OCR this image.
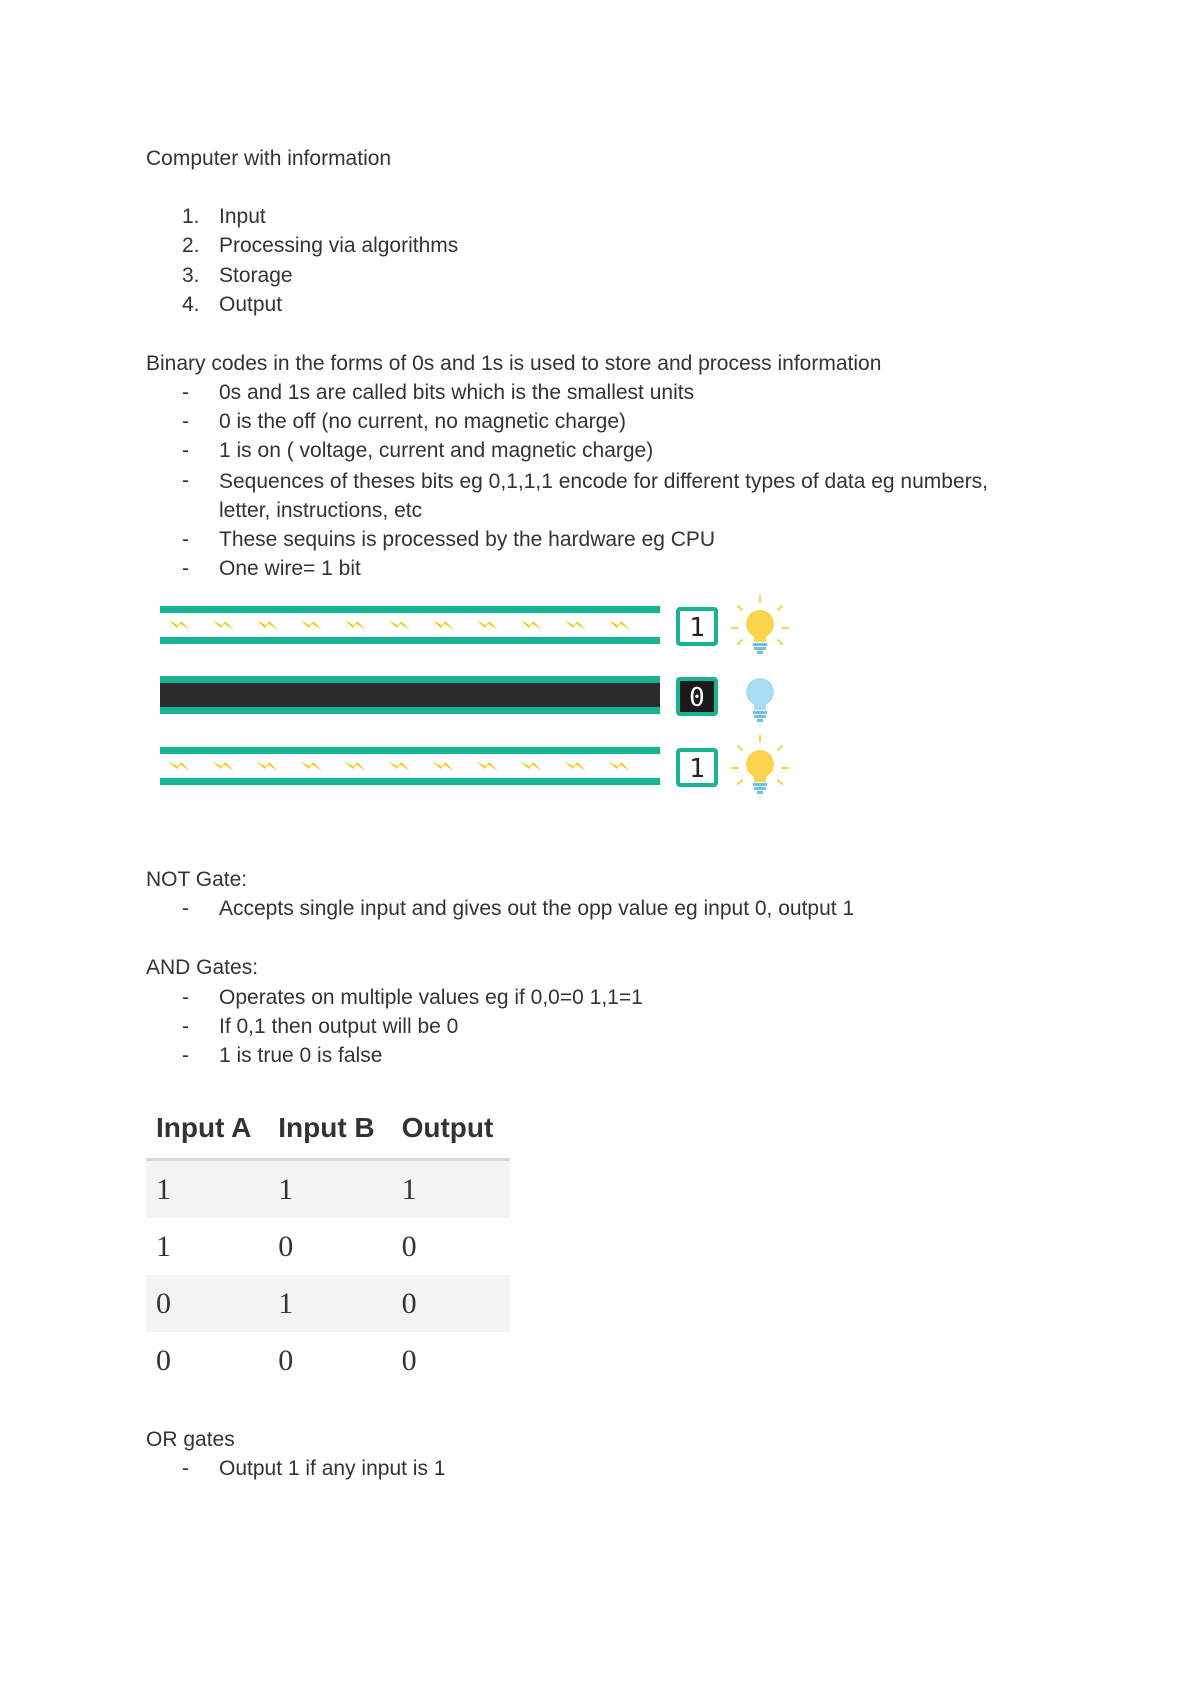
Computer with information
1. Input
2. Processing via algorithms
3. Storage
4. Output
Binary codes in the forms of 0s and 1s is used to store and process information
-	0s and 1s are called bits which is the smallest units
-	0 is the off (no current, no magnetic charge)
-	1 is on ( voltage, current and magnetic charge)
-	Sequences of theses bits eg 0,1,1,1 encode for different types of data eg numbers, letter, instructions, etc
-	These sequins is processed by the hardware eg CPU
-	One wire= 1 bit
1
0
1
NOT Gate:
-	Accepts single input and gives out the opp value eg input 0, output 1
AND Gates:
-	Operates on multiple values eg if 0,0=0 1,1=1
-	If 0,1 then output will be 0
-	1 is true 0 is false
Input A	Input B	Output
1	1	1
1	0	0
0	1	0
0	0	0
OR gates
-	Output 1 if any input is 1
